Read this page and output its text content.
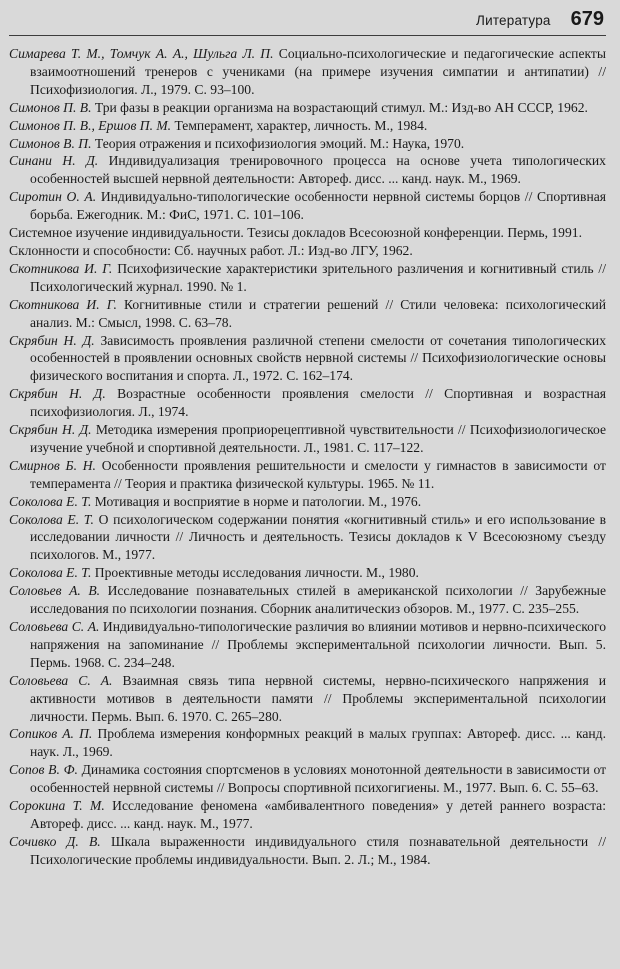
Литература 679

Симарева Т. М., Томчук А. А., Шульга Л. П. Социально-психологические и педагогические аспекты взаимоотношений тренеров с учениками (на примере изучения симпатии и антипатии) // Психофизиология. Л., 1979. С. 93–100.

Симонов П. В. Три фазы в реакции организма на возрастающий стимул. М.: Изд-во АН СССР, 1962.

Симонов П. В., Ершов П. М. Темперамент, характер, личность. М., 1984.

Симонов В. П. Теория отражения и психофизиология эмоций. М.: Наука, 1970.

Синани Н. Д. Индивидуализация тренировочного процесса на основе учета типологических особенностей высшей нервной деятельности: Автореф. дисс. ... канд. наук. М., 1969.

Сиротин О. А. Индивидуально-типологические особенности нервной системы борцов // Спортивная борьба. Ежегодник. М.: ФиС, 1971. С. 101–106.

Системное изучение индивидуальности. Тезисы докладов Всесоюзной конференции. Пермь, 1991.

Склонности и способности: Сб. научных работ. Л.: Изд-во ЛГУ, 1962.

Скотникова И. Г. Психофизические характеристики зрительного различения и когнитивный стиль // Психологический журнал. 1990. № 1.

Скотникова И. Г. Когнитивные стили и стратегии решений // Стили человека: психологический анализ. М.: Смысл, 1998. С. 63–78.

Скрябин Н. Д. Зависимость проявления различной степени смелости от сочетания типологических особенностей в проявлении основных свойств нервной системы // Психофизиологические основы физического воспитания и спорта. Л., 1972. С. 162–174.

Скрябин Н. Д. Возрастные особенности проявления смелости // Спортивная и возрастная психофизиология. Л., 1974.

Скрябин Н. Д. Методика измерения проприорецептивной чувствительности // Психофизиологическое изучение учебной и спортивной деятельности. Л., 1981. С. 117–122.

Смирнов Б. Н. Особенности проявления решительности и смелости у гимнастов в зависимости от темперамента // Теория и практика физической культуры. 1965. № 11.

Соколова Е. Т. Мотивация и восприятие в норме и патологии. М., 1976.

Соколова Е. Т. О психологическом содержании понятия «когнитивный стиль» и его использование в исследовании личности // Личность и деятельность. Тезисы докладов к V Всесоюзному съезду психологов. М., 1977.

Соколова Е. Т. Проективные методы исследования личности. М., 1980.

Соловьев А. В. Исследование познавательных стилей в американской психологии // Зарубежные исследования по психологии познания. Сборник аналитическиз обзоров. М., 1977. С. 235–255.

Соловьева С. А. Индивидуально-типологические различия во влиянии мотивов и нервно-психического напряжения на запоминание // Проблемы экспериментальной психологии личности. Вып. 5. Пермь. 1968. С. 234–248.

Соловьева С. А. Взаимная связь типа нервной системы, нервно-психического напряжения и активности мотивов в деятельности памяти // Проблемы экспериментальной психологии личности. Пермь. Вып. 6. 1970. С. 265–280.

Сопиков А. П. Проблема измерения конформных реакций в малых группах: Автореф. дисс. ... канд. наук. Л., 1969.

Сопов В. Ф. Динамика состояния спортсменов в условиях монотонной деятельности в зависимости от особенностей нервной системы // Вопросы спортивной психогигиены. М., 1977. Вып. 6. С. 55–63.

Сорокина Т. М. Исследование феномена «амбивалентного поведения» у детей раннего возраста: Автореф. дисс. ... канд. наук. М., 1977.

Сочивко Д. В. Шкала выраженности индивидуального стиля познавательной деятельности // Психологические проблемы индивидуальности. Вып. 2. Л.; М., 1984.
